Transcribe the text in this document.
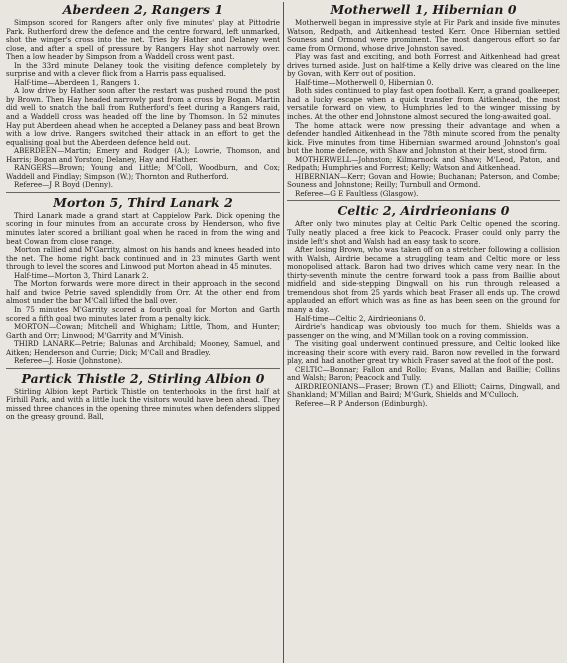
Aberdeen 2, Rangers 1

Simpson scored for Rangers after only five minutes' play at Pittodrie Park. Rutherford drew the defence and the centre forward, left unmarked, shot the winger's cross into the net. Tries by Hather and Delaney went close, and after a spell of pressure by Rangers Hay shot narrowly over. Then a low header by Simpson from a Waddell cross went past.

In the 33rd minute Delaney took the visiting defence completely by surprise and with a clever flick from a Harris pass equalised.

Half-time—Aberdeen 1, Rangers 1.

A low drive by Hather soon after the restart was pushed round the post by Brown. Then Hay headed narrowly past from a cross by Bogan. Martin did well to snatch the ball from Rutherford's feet during a Rangers raid, and a Waddell cross was headed off the line by Thomson. In 52 minutes Hay put Aberdeen ahead when he accepted a Delaney pass and beat Brown with a low drive. Rangers switched their attack in an effort to get the equalising goal but the Aberdeen defence held out.

ABERDEEN—Martin; Emery and Rodger (A.); Lowrie, Thomson, and Harris; Bogan and Yorston; Delaney, Hay and Hather.

RANGERS—Brown; Young and Little; M'Coll, Woodburn, and Cox; Waddell and Findlay; Simpson (W.); Thornton and Rutherford.

Referee—J R Boyd (Denny).

Morton 5, Third Lanark 2

Third Lanark made a grand start at Cappielow Park. Dick opening the scoring in four minutes from an accurate cross by Henderson, who five minutes later scored a brilliant goal when he raced in from the wing and beat Cowan from close range.

Morton rallied and M'Garrity, almost on his hands and knees headed into the net. The home right back continued and in 23 minutes Garth went through to level the scores and Linwood put Morton ahead in 45 minutes.

Half-time—Morton 3, Third Lanark 2.

The Morton forwards were more direct in their approach in the second half and twice Petrie saved splendidly from Orr. At the other end from almost under the bar M'Call lifted the ball over.

In 75 minutes M'Garrity scored a fourth goal for Morton and Garth scored a fifth goal two minutes later from a penalty kick.

MORTON—Cowan; Mitchell and Whigham; Little, Thom, and Hunter; Garth and Orr; Linwood; M'Garrity and M'Vinish.

THIRD LANARK—Petrie; Balunas and Archibald; Mooney, Samuel, and Aitken; Henderson and Currie; Dick; M'Call and Bradley.

Referee—J. Hosie (Johnstone).

Partick Thistle 2, Stirling Albion 0

Stirling Albion kept Partick Thistle on tenterhooks in the first half at Firhill Park, and with a little luck the visitors would have been ahead. They missed three chances in the opening three minutes when defenders slipped on the greasy ground. Ball,

Motherwell 1, Hibernian 0

Motherwell began in impressive style at Fir Park and inside five minutes Watson, Redpath, and Aitkenhead tested Kerr. Once Hibernian settled Souness and Ormond were prominent. The most dangerous effort so far came from Ormond, whose drive Johnston saved.

Play was fast and exciting, and both Forrest and Aitkenhead had great drives turned aside. Just on half-time a Kelly drive was cleared on the line by Govan, with Kerr out of position.

Half-time—Motherwell 0, Hibernian 0.

Both sides continued to play fast open football. Kerr, a grand goalkeeper, had a lucky escape when a quick transfer from Aitkenhead, the most versatile forward on view, to Humphries led to the winger missing by inches. At the other end Johnstone almost secured the long-awaited goal.

The home attack were now pressing their advantage and when a defender handled Aitkenhead in the 78th minute scored from the penalty kick. Five minutes from time Hibernian swarmed around Johnston's goal but the home defence, with Shaw and Johnston at their best, stood firm.

MOTHERWELL—Johnston; Kilmarnock and Shaw; M'Leod, Paton, and Redpath; Humphries and Forrest; Kelly; Watson and Aitkenhead.

HIBERNIAN—Kerr; Govan and Howie; Buchanan; Paterson, and Combe; Souness and Johnstone; Reilly; Turnbull and Ormond.

Referee—G E Faultless (Glasgow).

Celtic 2, Airdrieonians 0

After only two minutes play at Celtic Park Celtic opened the scoring. Tully neatly placed a free kick to Peacock. Fraser could only parry the inside left's shot and Walsh had an easy task to score.

After losing Brown, who was taken off on a stretcher following a collision with Walsh, Airdrie became a struggling team and Celtic more or less monopolised attack. Baron had two drives which came very near. In the thirty-seventh minute the centre forward took a pass from Baillie about midfield and side-stepping Dingwall on his run through released a tremendous shot from 25 yards which beat Fraser all ends up. The crowd applauded an effort which was as fine as has been seen on the ground for many a day.

Half-time—Celtic 2, Airdrieonians 0.

Airdrie's handicap was obviously too much for them. Shields was a passenger on the wing, and M'Millan took on a roving commission.

The visiting goal underwent continued pressure, and Celtic looked like increasing their score with every raid. Baron now revelled in the forward play, and had another great try which Fraser saved at the foot of the post.

CELTIC—Bonnar; Fallon and Rollo; Evans, Mallan and Baillie; Collins and Walsh; Baron; Peacock and Tully.

AIRDRIEONIANS—Fraser; Brown (T.) and Elliott; Cairns, Dingwall, and Shankland; M'Millan and Baird; M'Gurk, Shields and M'Culloch.

Referee—R P Anderson (Edinburgh).
